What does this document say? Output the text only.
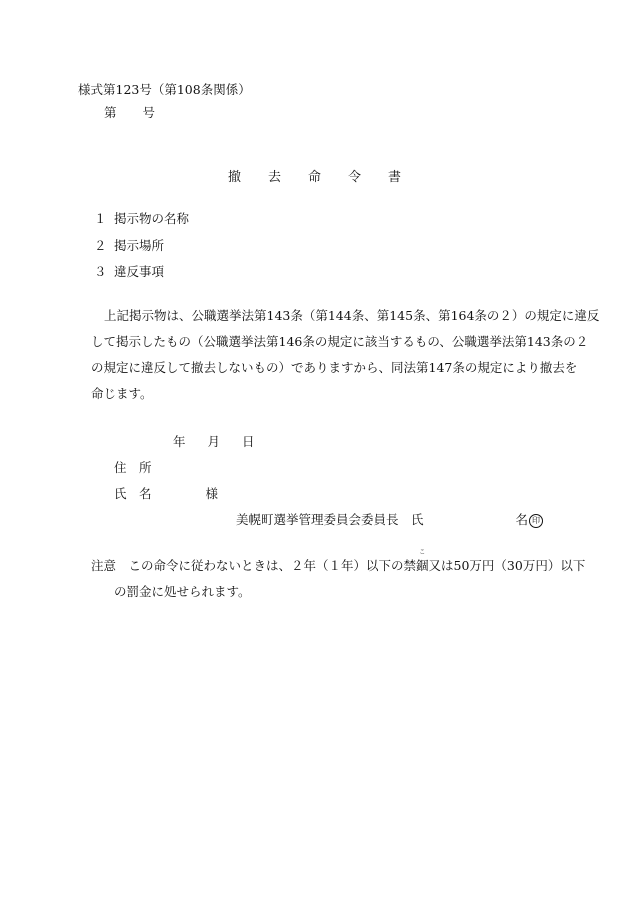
様式第123号（第108条関係）
第 号
撤 去 命 令 書
１ 掲示物の名称
２ 掲示場所
３ 違反事項
上記掲示物は、公職選挙法第143条（第144条、第145条、第164条の２）の規定に違反
して掲示したもの（公職選挙法第146条の規定に該当するもの、公職選挙法第143条の２
の規定に違反して撤去しないもの）でありますから、同法第147条の規定により撤去を
命じます。
年 月 日
住　所
氏　名	様
美幌町選挙管理委員会委員長　氏	名 印
注意　この命令に従わないときは、２年（１年）以下の禁
こ
錮又は50万円（30万円）以下
の罰金に処せられます。
